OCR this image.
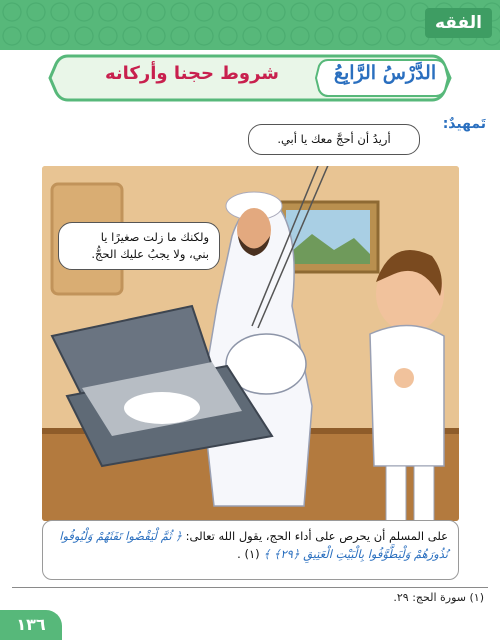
الفقه
الدَّرْسُ الرَّابِعُ
شروط حجنا وأركانه
تَمهيدٌ:
أريدُ أن أحجَّ معك يا أبي.
ولكنك ما زلت صغيرًا يا
بني، ولا يجبُ عليك الحجُّ.
على المسلم أن يحرص على أداء الحج، يقول الله تعالى: ﴿ ثُمَّ لْيَقْضُوا تَفَثَهُمْ وَلْيُوفُوا نُذُورَهُمْ وَلْيَطَّوَّفُوا بِالْبَيْتِ الْعَتِيقِ ﴿٢٩﴾ ﴾ (١) .
(١) سورة الحج: ٢٩.
١٣٦
